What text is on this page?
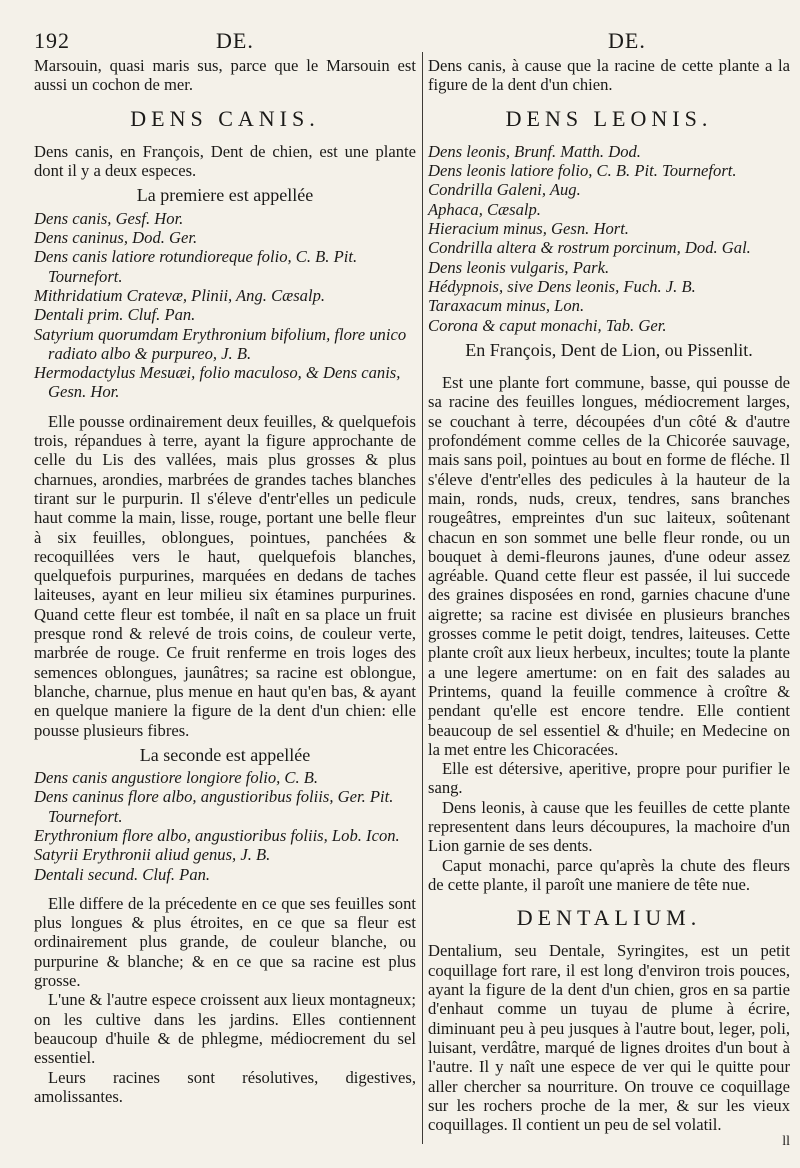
192	DE.	DE.

Marsouin, quasi maris sus, parce que le Marsouin est aussi un cochon de mer.

DENS CANIS.

Dens canis, en François, Dent de chien, est une plante dont il y a deux especes.

La premiere est appellée

Dens canis, Gesf. Hor.

Dens caninus, Dod. Ger.

Dens canis latiore rotundioreque folio, C. B. Pit. Tournefort.

Mithridatium Cratevæ, Plinii, Ang. Cæsalp.

Dentali prim. Cluf. Pan.

Satyrium quorumdam Erythronium bifolium, flore unico radiato albo & purpureo, J. B.

Hermodactylus Mesuæi, folio maculoso, & Dens canis, Gesn. Hor.

Elle pousse ordinairement deux feuilles, & quelquefois trois, répandues à terre, ayant la figure approchante de celle du Lis des vallées, mais plus grosses & plus charnues, arondies, marbrées de grandes taches blanches tirant sur le purpurin. Il s'éleve d'entr'elles un pedicule haut comme la main, lisse, rouge, portant une belle fleur à six feuilles, oblongues, pointues, panchées & recoquillées vers le haut, quelquefois blanches, quelquefois purpurines, marquées en dedans de taches laiteuses, ayant en leur milieu six étamines purpurines. Quand cette fleur est tombée, il naît en sa place un fruit presque rond & relevé de trois coins, de couleur verte, marbrée de rouge. Ce fruit renferme en trois loges des semences oblongues, jaunâtres; sa racine est oblongue, blanche, charnue, plus menue en haut qu'en bas, & ayant en quelque maniere la figure de la dent d'un chien: elle pousse plusieurs fibres.

La seconde est appellée

Dens canis angustiore longiore folio, C. B.

Dens caninus flore albo, angustioribus foliis, Ger. Pit. Tournefort.

Erythronium flore albo, angustioribus foliis, Lob. Icon.

Satyrii Erythronii aliud genus, J. B.

Dentali secund. Cluf. Pan.

Elle differe de la précedente en ce que ses feuilles sont plus longues & plus étroites, en ce que sa fleur est ordinairement plus grande, de couleur blanche, ou purpurine & blanche; & en ce que sa racine est plus grosse.

L'une & l'autre espece croissent aux lieux montagneux; on les cultive dans les jardins. Elles contiennent beaucoup d'huile & de phlegme, médiocrement du sel essentiel.

Leurs racines sont résolutives, digestives, amolissantes.

Dens canis, à cause que la racine de cette plante a la figure de la dent d'un chien.

DENS LEONIS.

Dens leonis, Brunf. Matth. Dod.

Dens leonis latiore folio, C. B. Pit. Tournefort.

Condrilla Galeni, Aug.

Aphaca, Cæsalp.

Hieracium minus, Gesn. Hort.

Condrilla altera & rostrum porcinum, Dod. Gal.

Dens leonis vulgaris, Park.

Hédypnois, sive Dens leonis, Fuch. J. B.

Taraxacum minus, Lon.

Corona & caput monachi, Tab. Ger.

En François, Dent de Lion, ou Pissenlit.

Est une plante fort commune, basse, qui pousse de sa racine des feuilles longues, médiocrement larges, se couchant à terre, découpées d'un côté & d'autre profondément comme celles de la Chicorée sauvage, mais sans poil, pointues au bout en forme de fléche. Il s'éleve d'entr'elles des pedicules à la hauteur de la main, ronds, nuds, creux, tendres, sans branches rougeâtres, empreintes d'un suc laiteux, soûtenant chacun en son sommet une belle fleur ronde, ou un bouquet à demi-fleurons jaunes, d'une odeur assez agréable. Quand cette fleur est passée, il lui succede des graines disposées en rond, garnies chacune d'une aigrette; sa racine est divisée en plusieurs branches grosses comme le petit doigt, tendres, laiteuses. Cette plante croît aux lieux herbeux, incultes; toute la plante a une legere amertume: on en fait des salades au Printems, quand la feuille commence à croître & pendant qu'elle est encore tendre. Elle contient beaucoup de sel essentiel & d'huile; en Medecine on la met entre les Chicoracées.

Elle est détersive, aperitive, propre pour purifier le sang.

Dens leonis, à cause que les feuilles de cette plante representent dans leurs découpures, la machoire d'un Lion garnie de ses dents.

Caput monachi, parce qu'après la chute des fleurs de cette plante, il paroît une maniere de tête nue.

DENTALIUM.

Dentalium, seu Dentale, Syringites, est un petit coquillage fort rare, il est long d'environ trois pouces, ayant la figure de la dent d'un chien, gros en sa partie d'enhaut comme un tuyau de plume à écrire, diminuant peu à peu jusques à l'autre bout, leger, poli, luisant, verdâtre, marqué de lignes droites d'un bout à l'autre. Il y naît une espece de ver qui le quitte pour aller chercher sa nourriture. On trouve ce coquillage sur les rochers proche de la mer, & sur les vieux coquillages. Il contient un peu de sel volatil.

ll
